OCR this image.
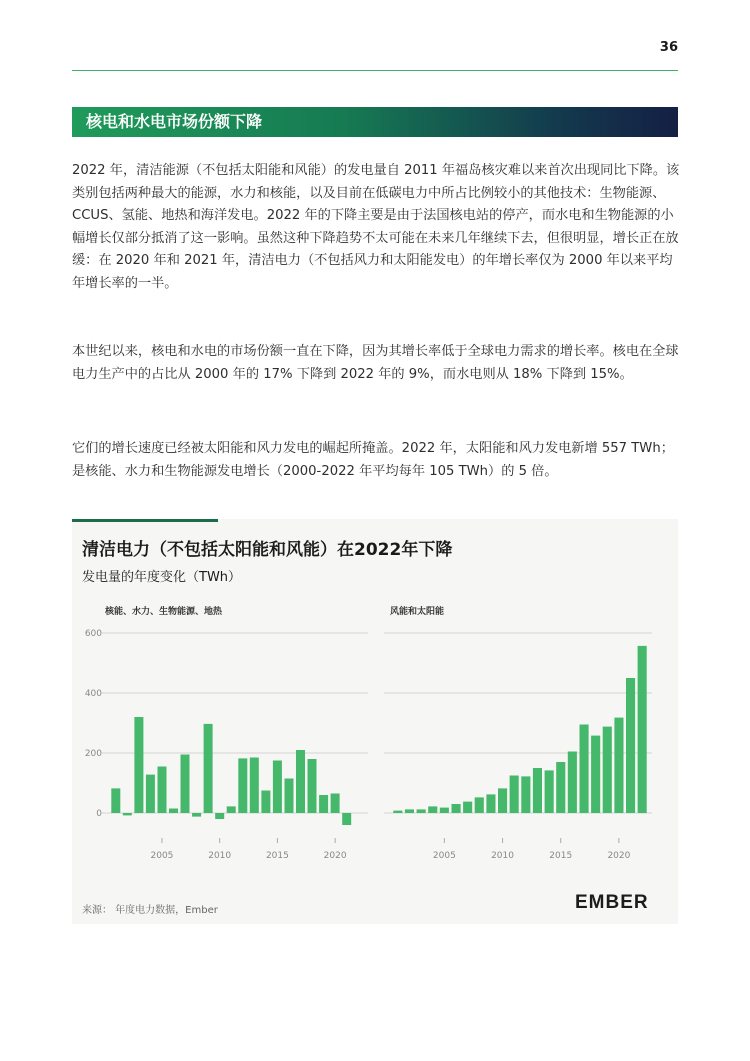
36
核电和水电市场份额下降

2022 年，清洁能源（不包括太阳能和风能）的发电量自 2011 年福岛核灾难以来首次出现同比下降。该类别包括两种最大的能源，水力和核能，以及目前在低碳电力中所占比例较小的其他技术：生物能源、CCUS、氢能、地热和海洋发电。2022 年的下降主要是由于法国核电站的停产，而水电和生物能源的小幅增长仅部分抵消了这一影响。虽然这种下降趋势不太可能在未来几年继续下去，但很明显，增长正在放缓：在 2020 年和 2021 年，清洁电力（不包括风力和太阳能发电）的年增长率仅为 2000 年以来平均年增长率的一半。

本世纪以来，核电和水电的市场份额一直在下降，因为其增长率低于全球电力需求的增长率。核电在全球电力生产中的占比从 2000 年的 17% 下降到 2022 年的 9%，而水电则从 18% 下降到 15%。

它们的增长速度已经被太阳能和风力发电的崛起所掩盖。2022 年，太阳能和风力发电新增 557 TWh；是核能、水力和生物能源发电增长（2000-2022 年平均每年 105 TWh）的 5 倍。

清洁电力（不包括太阳能和风能）在2022年下降
发电量的年度变化（TWh）
核能、水力、生物能源、地热	风能和太阳能
0
200
400
600
2005	2010	2015	2020	2005	2010	2015	2020
来源： 年度电力数据，Ember	EMBER
